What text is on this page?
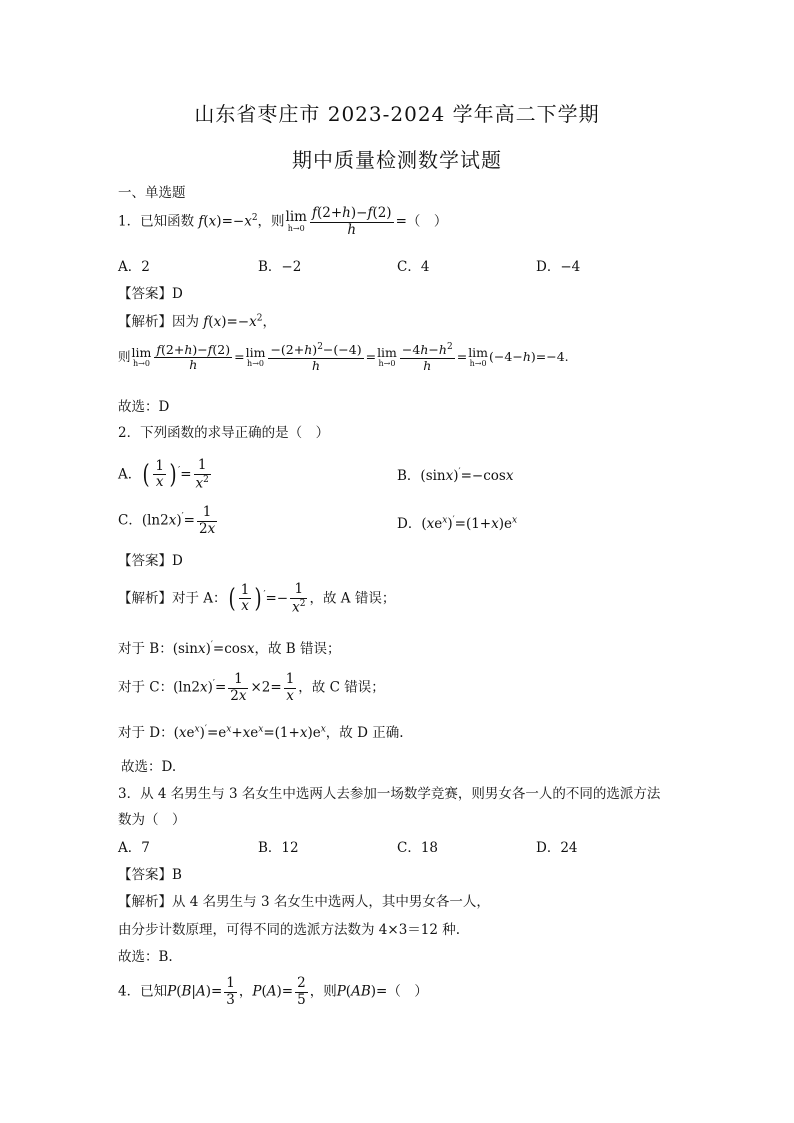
山东省枣庄市 2023-2024 学年高二下学期
期中质量检测数学试题
一、单选题
1．已知函数 $f(x)=-x^2$，则lim
$h\to 0 \frac{f(2+h)-f(2)}{h}$ =（　）
A．2	B．−2	C．4	D．−4
【答案】D
【解析】因为 $f(x)=-x^2$，
则lim
$h\to 0 \frac{f(2+h)-f(2)}{h} =\lim$
$h\to 0 \frac{-(2+h)^2-(-4)}{h} =\lim$
$h\to 0 \frac{-4h-h^2}{h} =\lim$
h→0 (−4−h)=−4.
故选：D
2．下列函数的求导正确的是（　）
A．( $\frac{1}{x}$ ) $'= \frac{1}{x^2}$	B．(sinx)′=−cosx
C．$(\ln 2x)'= \frac{1}{2x}$	D．$(xe^x)'=(1+x)e^x$
【答案】D
【解析】对于 A：( $\frac{1}{x}$ ) $'=- \frac{1}{x^2}$ ，故 A 错误；
对于 B：(sinx)′=cosx，故 B 错误；
对于 C：$(\ln 2x)'= \frac{1}{2x} \times 2= \frac{1}{x}$ ，故 C 错误；
对于 D：$(xe^x)'=e^x+xe^x=(1+x)e^x$，故 D 正确.
故选：D.
3．从 4 名男生与 3 名女生中选两人去参加一场数学竞赛，则男女各一人的不同的选派方法
数为（　）
A．7	B．12	C．18	D．24
【答案】B
【解析】从 4 名男生与 3 名女生中选两人，其中男女各一人，
由分步计数原理，可得不同的选派方法数为 4×3＝12 种.
故选：B.
4．已知$P(B|A)= \frac{1}{3}$ ，$P(A)= \frac{2}{5}$ ，则P(AB)=（　）
